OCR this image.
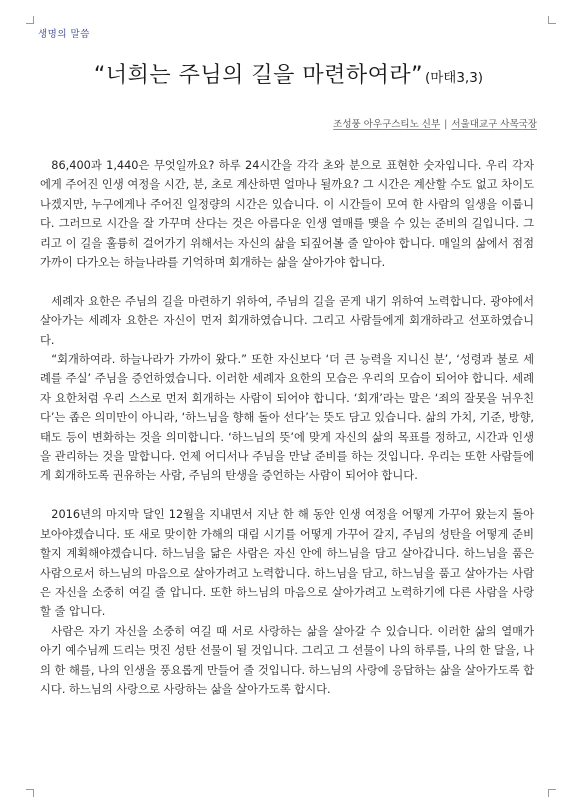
생명의 말씀
“너희는 주님의 길을 마련하여라” (마태3,3)
조성풍 아우구스티노 신부 | 서울대교구 사목국장

86,400과 1,440은 무엇일까요? 하루 24시간을 각각 초와 분으로 표현한 숫자입니다. 우리 각자에게 주어진 인생 여정을 시간, 분, 초로 계산하면 얼마나 될까요? 그 시간은 계산할 수도 없고 차이도 나겠지만, 누구에게나 주어진 일정량의 시간은 있습니다. 이 시간들이 모여 한 사람의 일생을 이룹니다. 그러므로 시간을 잘 가꾸며 산다는 것은 아름다운 인생 열매를 맺을 수 있는 준비의 길입니다. 그리고 이 길을 훌륭히 걸어가기 위해서는 자신의 삶을 되짚어볼 줄 알아야 합니다. 매일의 삶에서 점점 가까이 다가오는 하늘나라를 기억하며 회개하는 삶을 살아가야 합니다.

세례자 요한은 주님의 길을 마련하기 위하여, 주님의 길을 곧게 내기 위하여 노력합니다. 광야에서 살아가는 세례자 요한은 자신이 먼저 회개하였습니다. 그리고 사람들에게 회개하라고 선포하였습니다.

“회개하여라. 하늘나라가 가까이 왔다.” 또한 자신보다 ‘더 큰 능력을 지니신 분’, ‘성령과 불로 세례를 주실’ 주님을 증언하였습니다. 이러한 세례자 요한의 모습은 우리의 모습이 되어야 합니다. 세례자 요한처럼 우리 스스로 먼저 회개하는 사람이 되어야 합니다. ‘회개’라는 말은 ‘죄의 잘못을 뉘우친다’는 좁은 의미만이 아니라, ‘하느님을 향해 돌아 선다’는 뜻도 담고 있습니다. 삶의 가치, 기준, 방향, 태도 등이 변화하는 것을 의미합니다. ‘하느님의 뜻’에 맞게 자신의 삶의 목표를 정하고, 시간과 인생을 관리하는 것을 말합니다. 언제 어디서나 주님을 만날 준비를 하는 것입니다. 우리는 또한 사람들에게 회개하도록 권유하는 사람, 주님의 탄생을 증언하는 사람이 되어야 합니다.

2016년의 마지막 달인 12월을 지내면서 지난 한 해 동안 인생 여정을 어떻게 가꾸어 왔는지 돌아보아야겠습니다. 또 새로 맞이한 가해의 대림 시기를 어떻게 가꾸어 갈지, 주님의 성탄을 어떻게 준비할지 계획해야겠습니다. 하느님을 닮은 사람은 자신 안에 하느님을 담고 살아갑니다. 하느님을 품은 사람으로서 하느님의 마음으로 살아가려고 노력합니다. 하느님을 담고, 하느님을 품고 살아가는 사람은 자신을 소중히 여길 줄 압니다. 또한 하느님의 마음으로 살아가려고 노력하기에 다른 사람을 사랑할 줄 압니다.

사람은 자기 자신을 소중히 여길 때 서로 사랑하는 삶을 살아갈 수 있습니다. 이러한 삶의 열매가 아기 예수님께 드리는 멋진 성탄 선물이 될 것입니다. 그리고 그 선물이 나의 하루를, 나의 한 달을, 나의 한 해를, 나의 인생을 풍요롭게 만들어 줄 것입니다. 하느님의 사랑에 응답하는 삶을 살아가도록 합시다. 하느님의 사랑으로 사랑하는 삶을 살아가도록 합시다.
